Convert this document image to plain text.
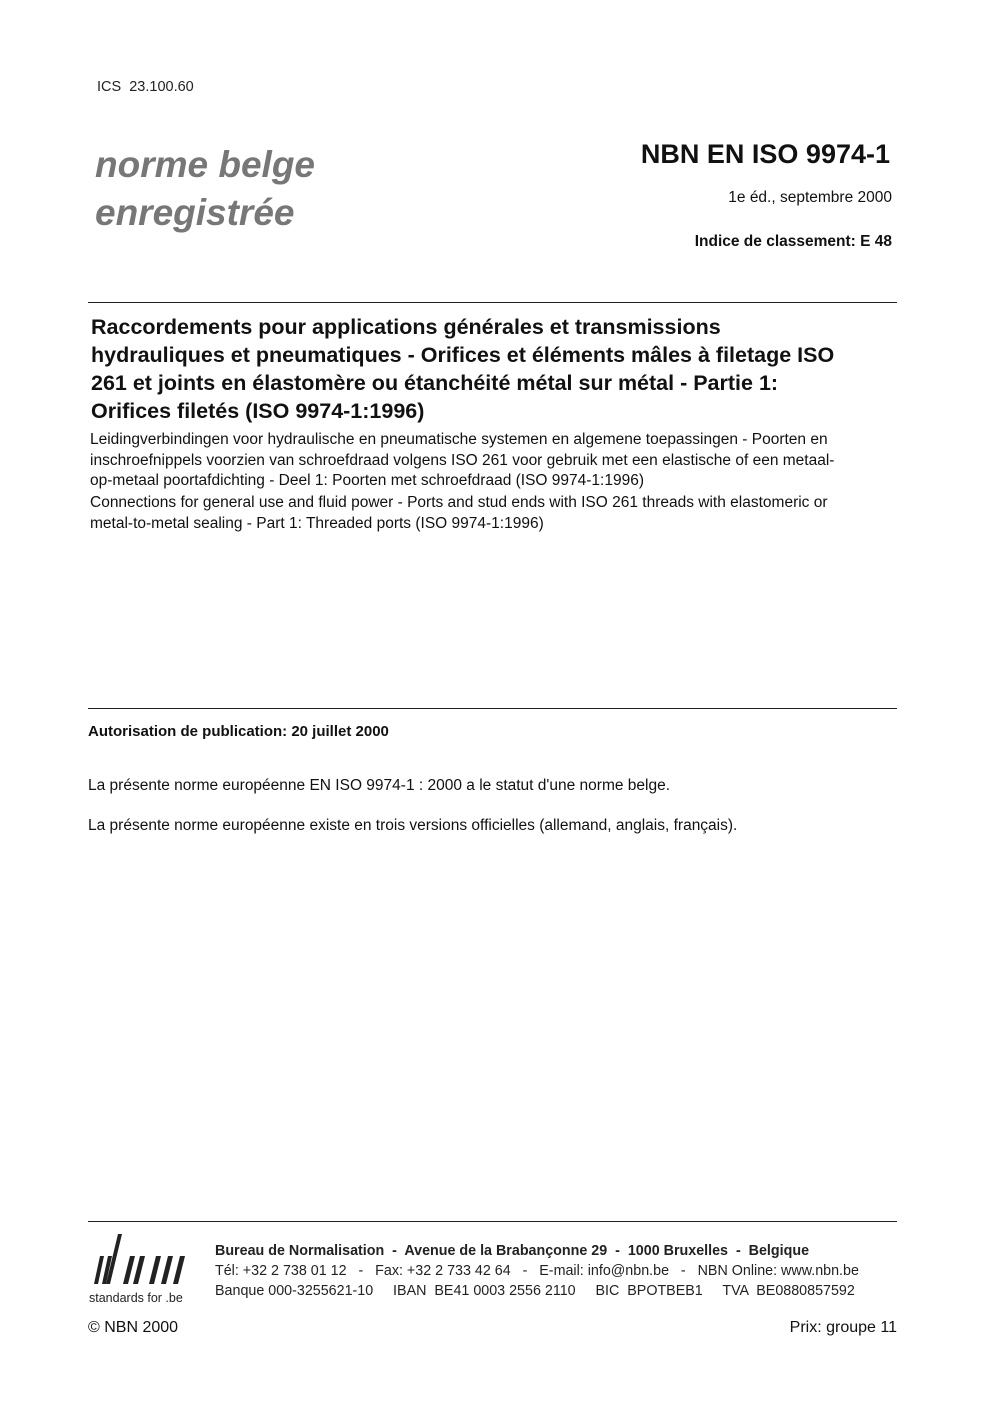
ICS  23.100.60
norme belge
enregistrée
NBN EN ISO 9974-1
1e éd., septembre 2000
Indice de classement: E 48
Raccordements pour applications générales et transmissions
hydrauliques et pneumatiques - Orifices et éléments mâles à filetage ISO
261 et joints en élastomère ou étanchéité métal sur métal - Partie 1:
Orifices filetés (ISO 9974-1:1996)
Leidingverbindingen voor hydraulische en pneumatische systemen en algemene toepassingen - Poorten en
inschroefnippels voorzien van schroefdraad volgens ISO 261 voor gebruik met een elastische of een metaal-
op-metaal poortafdichting - Deel 1: Poorten met schroefdraad (ISO 9974-1:1996)
Connections for general use and fluid power - Ports and stud ends with ISO 261 threads with elastomeric or
metal-to-metal sealing - Part 1: Threaded ports (ISO 9974-1:1996)
Autorisation de publication: 20 juillet 2000
La présente norme européenne EN ISO 9974-1 : 2000 a le statut d'une norme belge.
La présente norme européenne existe en trois versions officielles (allemand, anglais, français).
standards for .be
Bureau de Normalisation  -  Avenue de la Brabançonne 29  -  1000 Bruxelles  -  Belgique
Tél: +32 2 738 01 12   -   Fax: +32 2 733 42 64   -   E-mail: info@nbn.be   -   NBN Online: www.nbn.be
Banque 000-3255621-10     IBAN  BE41 0003 2556 2110     BIC  BPOTBEB1     TVA  BE0880857592
© NBN 2000	Prix: groupe 11
